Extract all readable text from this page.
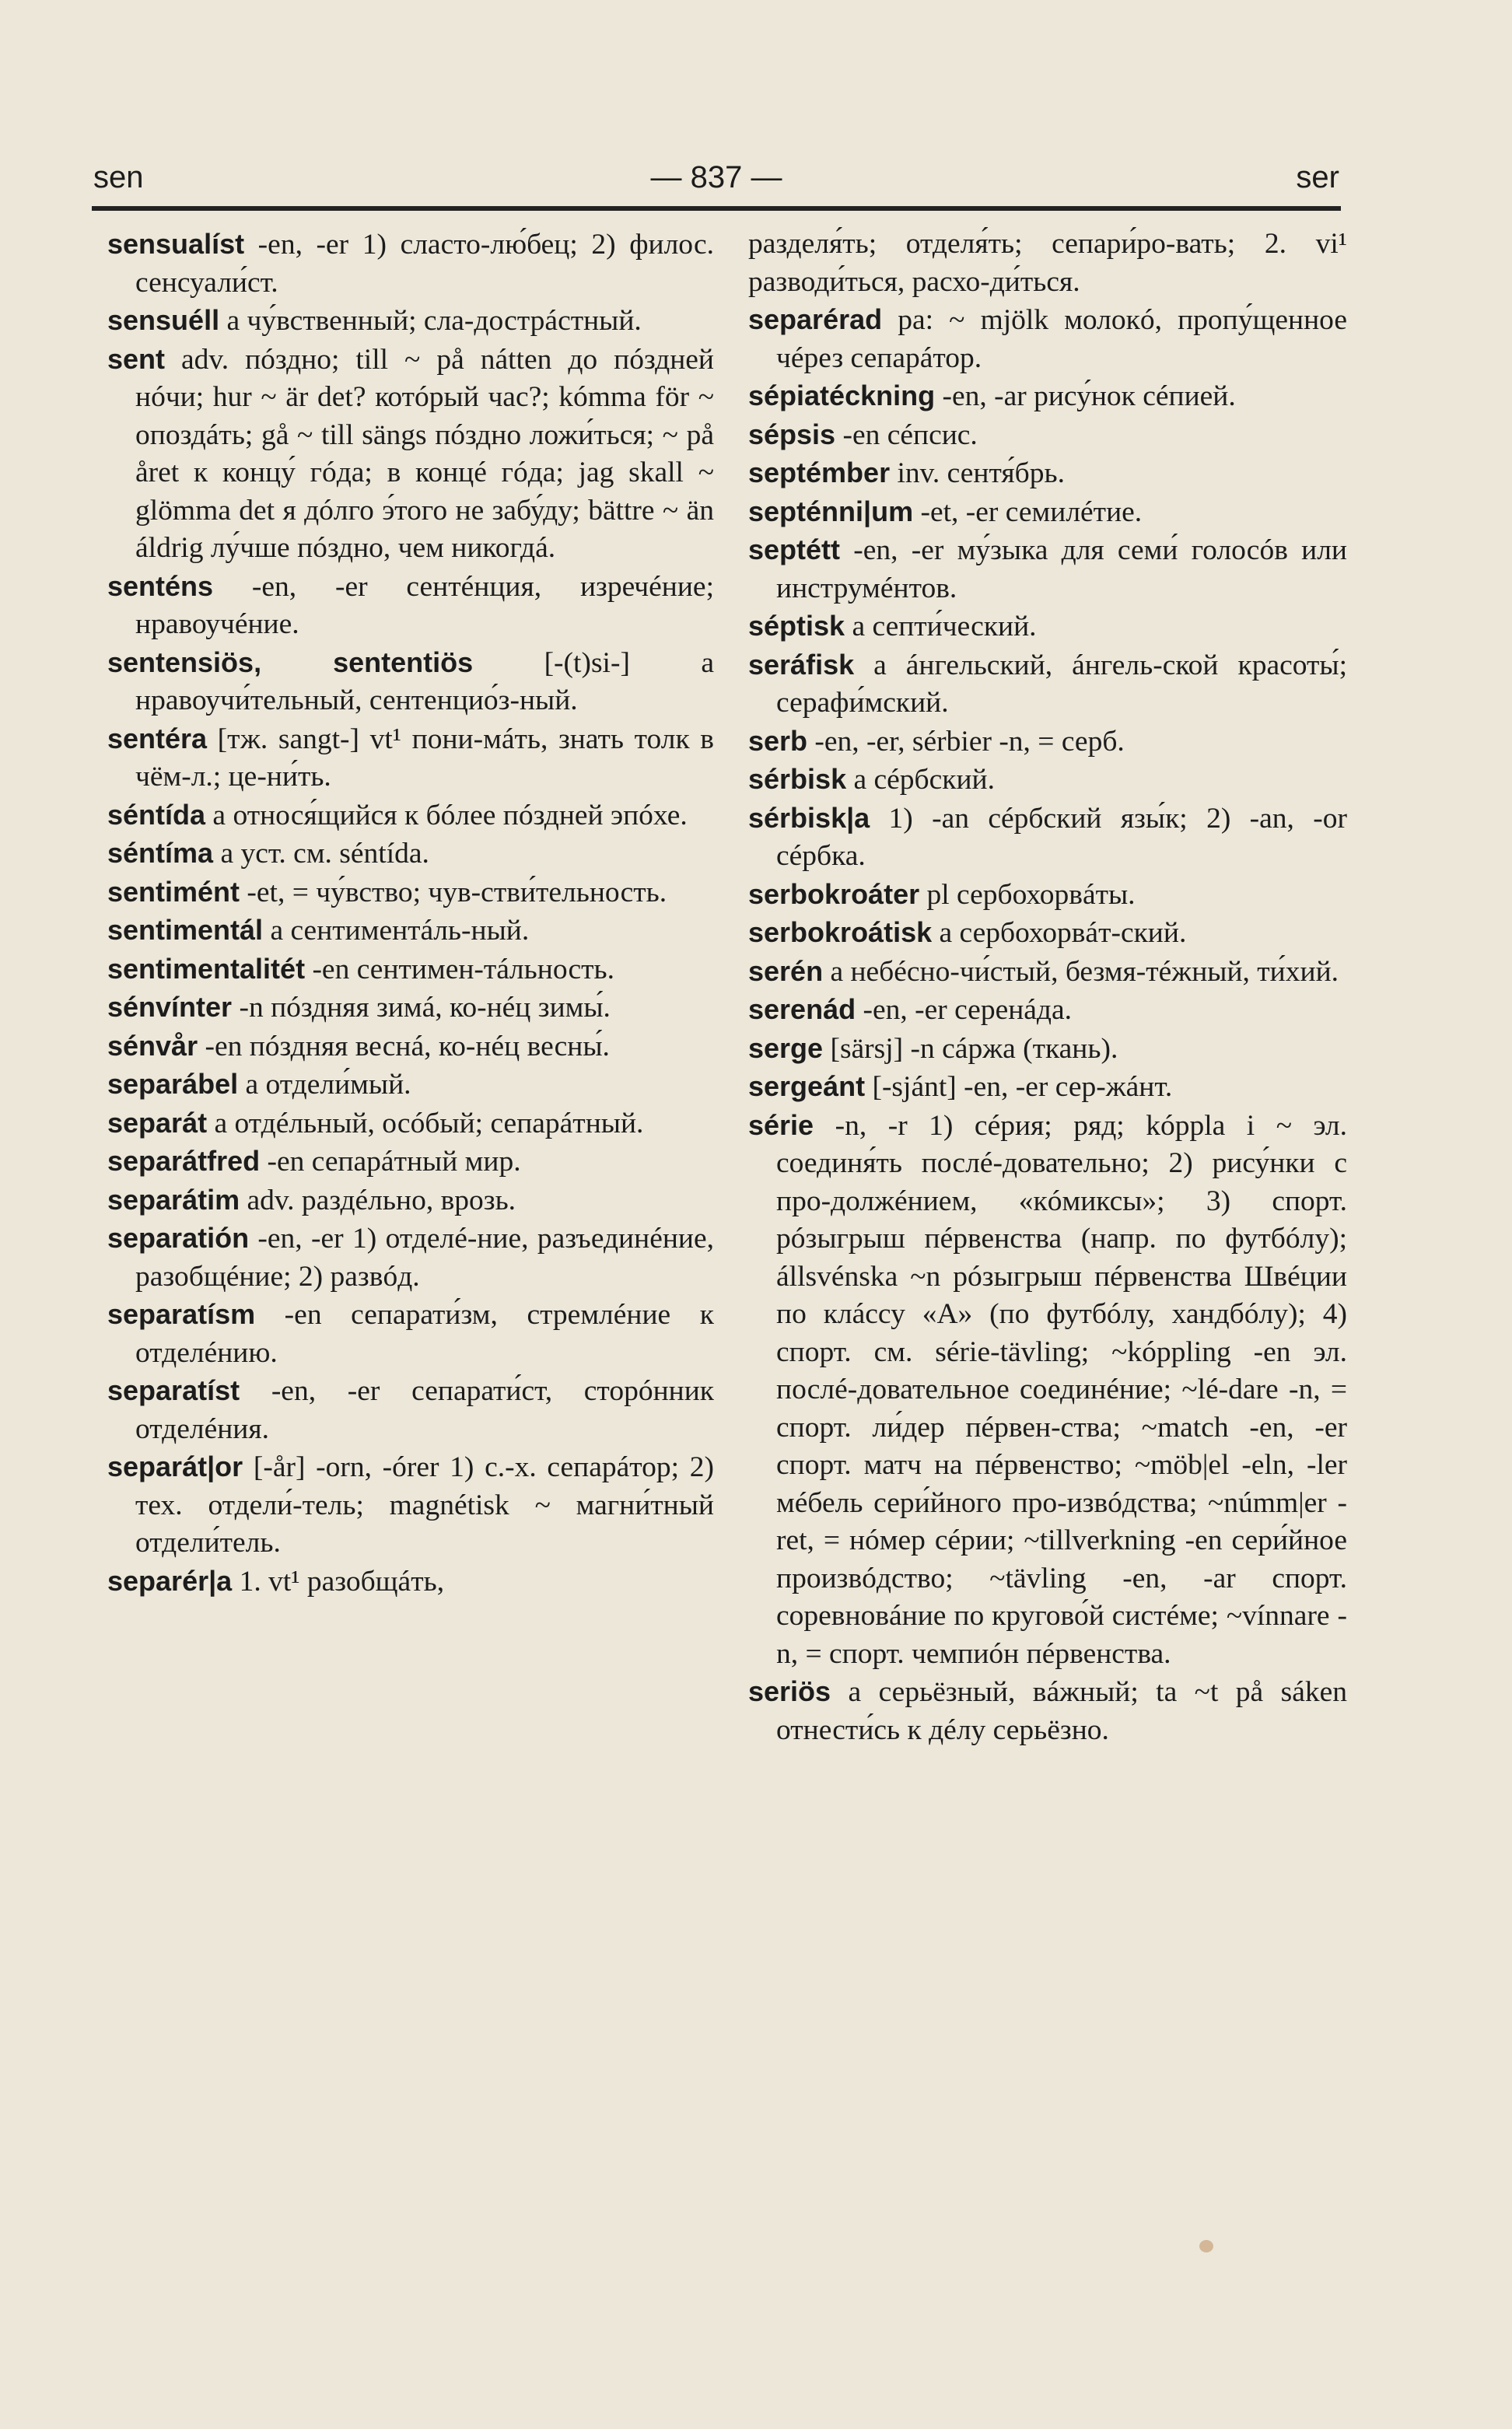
sen	— 837 —	ser

sensualíst -en, -er 1) сласто-лю́бец; 2) филос. сенсуали́ст.

sensuéll a чу́вственный; сла-дострáстный.

sent adv. пóздно; till ~ på nátten до пóздней нóчи; hur ~ är det? котóрый час?; kómma för ~ опоздáть; gå ~ till sängs пóздно ложи́ться; ~ på året к концу́ гóда; в концé гóда; jag skall ~ glömma det я дóлго э́того не забу́ду; bättre ~ än áldrig лу́чше пóздно, чем никогдá.

senténs -en, -er сентéнция, изречéние; нравоучéние.

sentensiös, sententiös [-(t)si-] a нравоучи́тельный, сентенцио́з-ный.

sentéra [тж. sangt-] vt¹ пони-мáть, знать толк в чём-л.; це-ни́ть.

séntída a относя́щийся к бóлее пóздней эпóхе.

séntíma a уст. см. séntída.

sentimént -et, = чу́вство; чув-стви́тельность.

sentimentál a сентиментáль-ный.

sentimentalitét -en сентимен-тáльность.

sénvínter -n пóздняя зимá, ко-нéц зимы́.

sénvår -en пóздняя веснá, ко-нéц весны́.

separábel a отдели́мый.

separát a отдéльный, осóбый; сепарáтный.

separátfred -en сепарáтный мир.

separátim adv. раздéльно, врозь.

separatión -en, -er 1) отделé-ние, разъединéние, разобщéние; 2) развóд.

separatísm -en сепарати́зм, стремлéние к отделéнию.

separatíst -en, -er сепарати́ст, сторóнник отделéния.

separát|or [-år] -orn, -órer 1) с.-х. сепарáтор; 2) тех. отдели́-тель; magnétisk ~ магни́тный отдели́тель.

separér|a 1. vt¹ разобщáть,

разделя́ть; отделя́ть; сепари́ро-вать; 2. vi¹ разводи́ться, расхо-ди́ться.

separérad pa: ~ mjölk молокó, пропу́щенное чéрез сепарáтор.

sépiatéckning -en, -ar рису́нок сéпией.

sépsis -en сéпсис.

septémber inv. сентя́брь.

septénni|um -et, -er семилéтие.

septétt -en, -er му́зыка для семи́ голосóв или инструмéнтов.

séptisk a септи́ческий.

seráfisk a áнгельский, áнгель-ской красоты́; серафи́мский.

serb -en, -er, sérbier -n, = серб.

sérbisk a сéрбский.

sérbisk|a 1) -an сéрбский язы́к; 2) -an, -or сéрбка.

serbokroáter pl сербохорвáты.

serbokroátisk a сербохорвáт-ский.

serén a небéсно-чи́стый, безмя-тéжный, ти́хий.

serenád -en, -er серенáда.

serge [särsj] -n сáржа (ткань).

sergeánt [-sjánt] -en, -er сер-жáнт.

série -n, -r 1) сéрия; ряд; kóppla i ~ эл. соединя́ть послé-довательно; 2) рису́нки с про-должéнием, «кóмиксы»; 3) спорт. рóзыгрыш пéрвенства (напр. по футбóлу); állsvénska ~n рóзыгрыш пéрвенства Швéции по клáссу «А» (по футбóлу, хандбóлу); 4) спорт. см. série-tävling; ~kóppling -en эл. послé-довательное соединéние; ~lé-dare -n, = спорт. ли́дер пéрвен-ства; ~match -en, -er спорт. матч на пéрвенство; ~möb|el -eln, -ler мéбель сери́йного про-извóдства; ~númm|er -ret, = нóмер сéрии; ~tillverkning -en сери́йное произвóдство; ~tävling -en, -ar спорт. соревновáние по кругово́й систéме; ~vínnare -n, = спорт. чемпиóн пéрвенства.

seriös a серьёзный, вáжный; ta ~t på sáken отнести́сь к дéлу серьёзно.
